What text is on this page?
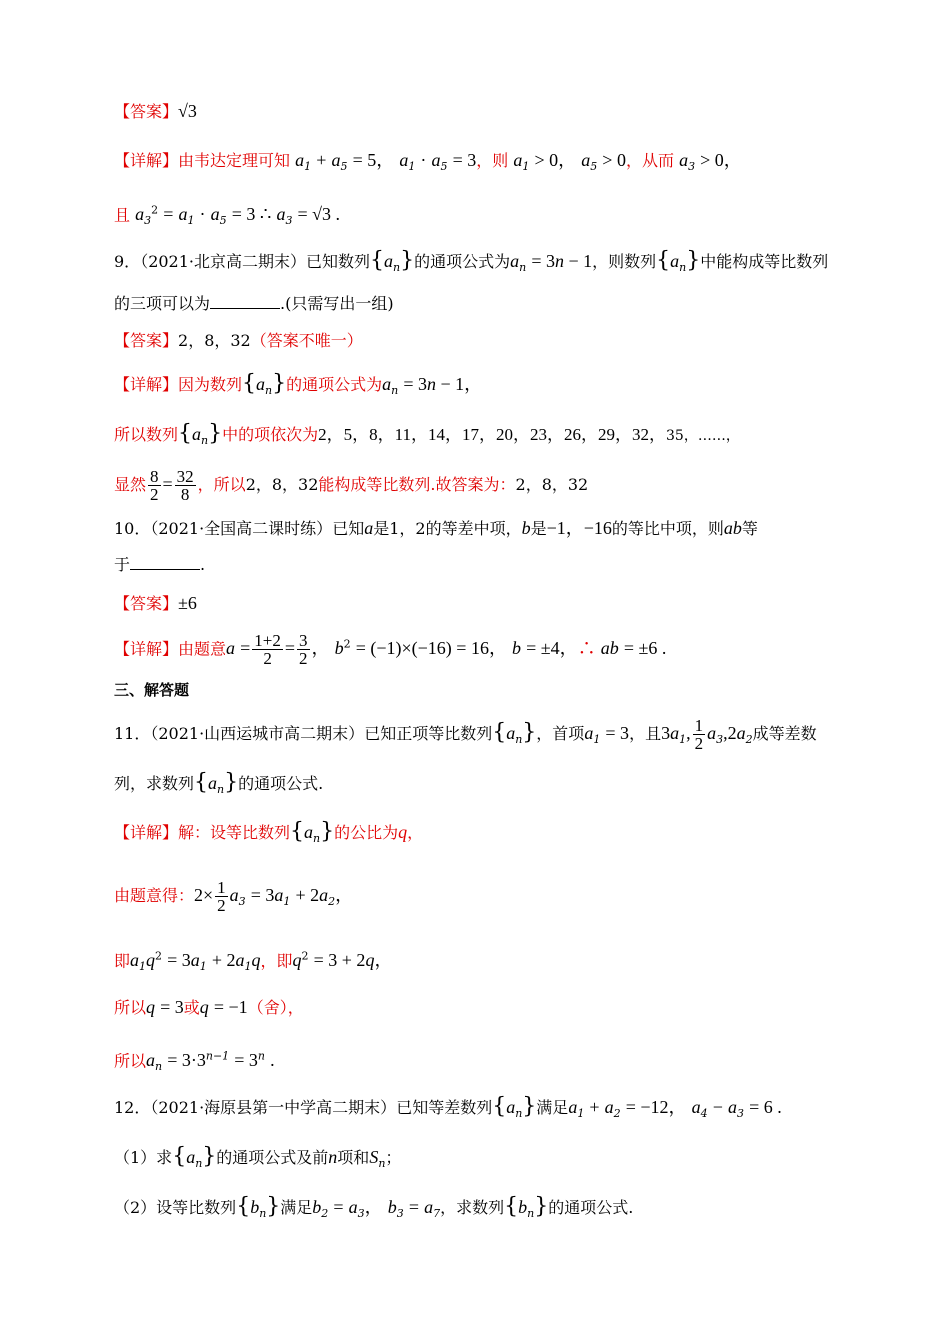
【答案】√3
【详解】由韦达定理可知 $a_1 + a_5 = 5$， $a_1 \cdot a_5 = 3$，则 $a_1 > 0$， $a_5 > 0$，从而 $a_3 > 0$，
且 $a_3^2 = a_1 \cdot a_5 = 3$ ∴ $a_3 = √3$ .
9．（2021·北京高二期末）已知数列$\{a_n\}$的通项公式为$a_n = 3n - 1$，则数列$\{a_n\}$中能构成等比数列
的三项可以为	.(只需写出一组)
【答案】2，8，32（答案不唯一）
【详解】因为数列$\{a_n\}$的通项公式为$a_n = 3n - 1$，
所以数列$\{a_n\}$中的项依次为2，5，8，11，14，17，20，23，26，29，32，35，……，
显然 $\frac{8}{2} = \frac{32}{8}$ ，所以2，8，32能构成等比数列.故答案为：2，8，32
10．（2021·全国高二课时练）已知a是1，2的等差中项，b是−1，−16的等比中项，则ab等
于	.
【答案】±6
【详解】由题意$a = \frac{1+2}{2} = \frac{3}{2}$ ， $b^2 = (-1)\times(-16) = 16$， b = ±4，∴ ab = ±6 .
三、解答题
11．（2021·山西运城市高二期末）已知正项等比数列$\{a_n\}$，首项$a_1 = 3$，且$3a_1$, $\frac{1}{2} a_3,2a_2$成等差数
列，求数列$\{a_n\}$的通项公式.
【详解】解：设等比数列$\{a_n\}$的公比为q，
由题意得：$2\times \frac{1}{2} a_3 = 3a_1 + 2a_2$，
即$a_1q^2 = 3a_1 + 2a_1q$，即$q^2 = 3 + 2q$，
所以q = 3或q = −1（舍），
所以$a_n = 3\cdot 3^{n-1} = 3^n$ .
12．（2021·海原县第一中学高二期末）已知等差数列$\{a_n\}$满足$a_1 + a_2 = -12$， $a_4 - a_3 = 6$ .
（1）求$\{a_n\}$的通项公式及前n项和$S_n$；
（2）设等比数列$\{b_n\}$满足$b_2 = a_3$， $b_3 = a_7$，求数列$\{b_n\}$的通项公式.
